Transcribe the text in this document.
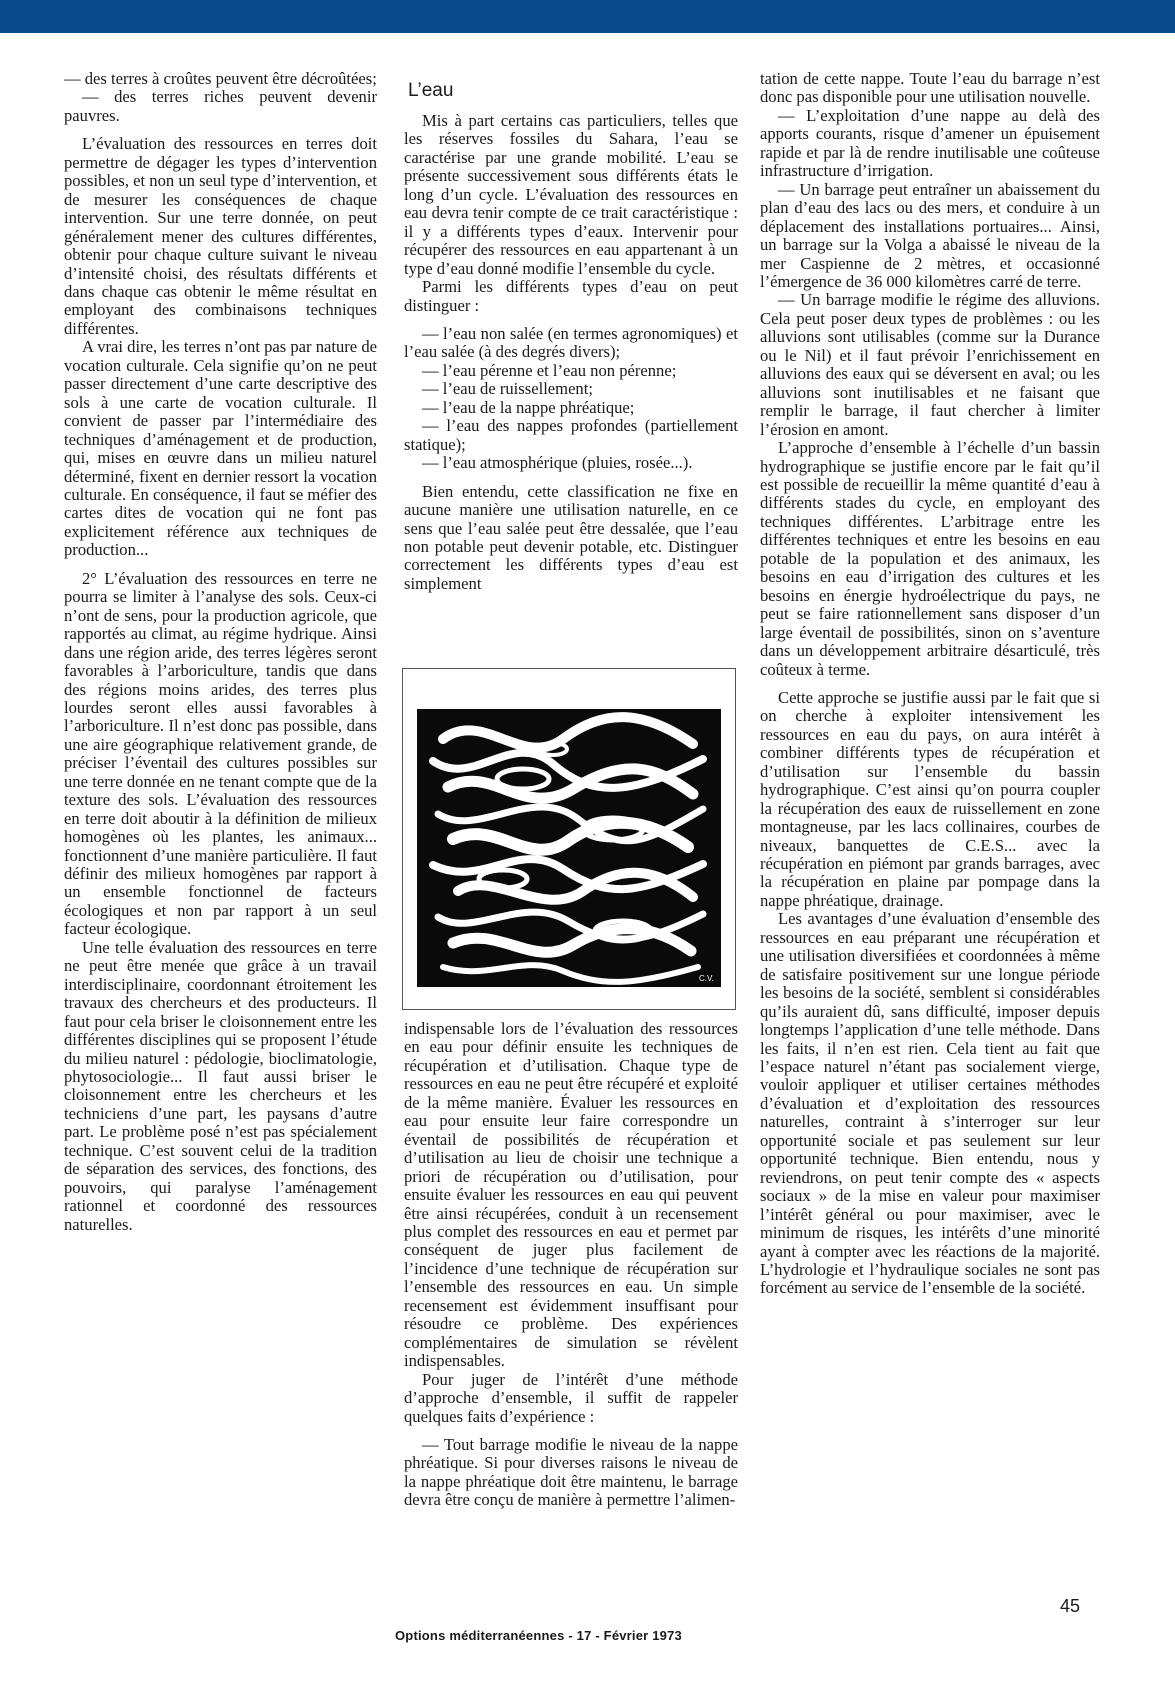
— des terres à croûtes peuvent être décroûtées;

— des terres riches peuvent devenir pauvres.

L’évaluation des ressources en terres doit permettre de dégager les types d’intervention possibles, et non un seul type d’intervention, et de mesurer les conséquences de chaque intervention. Sur une terre donnée, on peut généralement mener des cultures différentes, obtenir pour chaque culture suivant le niveau d’intensité choisi, des résultats différents et dans chaque cas obtenir le même résultat en employant des combinaisons techniques différentes.

A vrai dire, les terres n’ont pas par nature de vocation culturale. Cela signifie qu’on ne peut passer directement d’une carte descriptive des sols à une carte de vocation culturale. Il convient de passer par l’intermédiaire des techniques d’aménagement et de production, qui, mises en œuvre dans un milieu naturel déterminé, fixent en dernier ressort la vocation culturale. En conséquence, il faut se méfier des cartes dites de vocation qui ne font pas explicitement référence aux techniques de production...

2° L’évaluation des ressources en terre ne pourra se limiter à l’analyse des sols. Ceux-ci n’ont de sens, pour la production agricole, que rapportés au climat, au régime hydrique. Ainsi dans une région aride, des terres légères seront favorables à l’arboriculture, tandis que dans des régions moins arides, des terres plus lourdes seront elles aussi favorables à l’arboriculture. Il n’est donc pas possible, dans une aire géographique relativement grande, de préciser l’éventail des cultures possibles sur une terre donnée en ne tenant compte que de la texture des sols. L’évaluation des ressources en terre doit aboutir à la définition de milieux homogènes où les plantes, les animaux... fonctionnent d’une manière particulière. Il faut définir des milieux homogènes par rapport à un ensemble fonctionnel de facteurs écologiques et non par rapport à un seul facteur écologique.

Une telle évaluation des ressources en terre ne peut être menée que grâce à un travail interdisciplinaire, coordonnant étroitement les travaux des chercheurs et des producteurs. Il faut pour cela briser le cloisonnement entre les différentes disciplines qui se proposent l’étude du milieu naturel : pédologie, bioclimatologie, phytosociologie... Il faut aussi briser le cloisonnement entre les chercheurs et les techniciens d’une part, les paysans d’autre part. Le problème posé n’est pas spécialement technique. C’est souvent celui de la tradition de séparation des services, des fonctions, des pouvoirs, qui paralyse l’aménagement rationnel et coordonné des ressources naturelles.

L’eau

Mis à part certains cas particuliers, telles que les réserves fossiles du Sahara, l’eau se caractérise par une grande mobilité. L’eau se présente successivement sous différents états le long d’un cycle. L’évaluation des ressources en eau devra tenir compte de ce trait caractéristique : il y a différents types d’eaux. Intervenir pour récupérer des ressources en eau appartenant à un type d’eau donné modifie l’ensemble du cycle.

Parmi les différents types d’eau on peut distinguer :

— l’eau non salée (en termes agronomiques) et l’eau salée (à des degrés divers);

— l’eau pérenne et l’eau non pérenne;

— l’eau de ruissellement;

— l’eau de la nappe phréatique;

— l’eau des nappes profondes (partiellement statique);

— l’eau atmosphérique (pluies, rosée...).

Bien entendu, cette classification ne fixe en aucune manière une utilisation naturelle, en ce sens que l’eau salée peut être dessalée, que l’eau non potable peut devenir potable, etc. Distinguer correctement les différents types d’eau est simplement

C.V.

indispensable lors de l’évaluation des ressources en eau pour définir ensuite les techniques de récupération et d’utilisation. Chaque type de ressources en eau ne peut être récupéré et exploité de la même manière. Évaluer les ressources en eau pour ensuite leur faire correspondre un éventail de possibilités de récupération et d’utilisation au lieu de choisir une technique a priori de récupération ou d’utilisation, pour ensuite évaluer les ressources en eau qui peuvent être ainsi récupérées, conduit à un recensement plus complet des ressources en eau et permet par conséquent de juger plus facilement de l’incidence d’une technique de récupération sur l’ensemble des ressources en eau. Un simple recensement est évidemment insuffisant pour résoudre ce problème. Des expériences complémentaires de simulation se révèlent indispensables.

Pour juger de l’intérêt d’une méthode d’approche d’ensemble, il suffit de rappeler quelques faits d’expérience :

— Tout barrage modifie le niveau de la nappe phréatique. Si pour diverses raisons le niveau de la nappe phréatique doit être maintenu, le barrage devra être conçu de manière à permettre l’alimen-

tation de cette nappe. Toute l’eau du barrage n’est donc pas disponible pour une utilisation nouvelle.

— L’exploitation d’une nappe au delà des apports courants, risque d’amener un épuisement rapide et par là de rendre inutilisable une coûteuse infrastructure d’irrigation.

— Un barrage peut entraîner un abaissement du plan d’eau des lacs ou des mers, et conduire à un déplacement des installations portuaires... Ainsi, un barrage sur la Volga a abaissé le niveau de la mer Caspienne de 2 mètres, et occasionné l’émergence de 36 000 kilomètres carré de terre.

— Un barrage modifie le régime des alluvions. Cela peut poser deux types de problèmes : ou les alluvions sont utilisables (comme sur la Durance ou le Nil) et il faut prévoir l’enrichissement en alluvions des eaux qui se déversent en aval; ou les alluvions sont inutilisables et ne faisant que remplir le barrage, il faut chercher à limiter l’érosion en amont.

L’approche d’ensemble à l’échelle d’un bassin hydrographique se justifie encore par le fait qu’il est possible de recueillir la même quantité d’eau à différents stades du cycle, en employant des techniques différentes. L’arbitrage entre les différentes techniques et entre les besoins en eau potable de la population et des animaux, les besoins en eau d’irrigation des cultures et les besoins en énergie hydroélectrique du pays, ne peut se faire rationnellement sans disposer d’un large éventail de possibilités, sinon on s’aventure dans un développement arbitraire désarticulé, très coûteux à terme.

Cette approche se justifie aussi par le fait que si on cherche à exploiter intensivement les ressources en eau du pays, on aura intérêt à combiner différents types de récupération et d’utilisation sur l’ensemble du bassin hydrographique. C’est ainsi qu’on pourra coupler la récupération des eaux de ruissellement en zone montagneuse, par les lacs collinaires, courbes de niveaux, banquettes de C.E.S... avec la récupération en piémont par grands barrages, avec la récupération en plaine par pompage dans la nappe phréatique, drainage.

Les avantages d’une évaluation d’ensemble des ressources en eau préparant une récupération et une utilisation diversifiées et coordonnées à même de satisfaire positivement sur une longue période les besoins de la société, semblent si considérables qu’ils auraient dû, sans difficulté, imposer depuis longtemps l’application d’une telle méthode. Dans les faits, il n’en est rien. Cela tient au fait que l’espace naturel n’étant pas socialement vierge, vouloir appliquer et utiliser certaines méthodes d’évaluation et d’exploitation des ressources naturelles, contraint à s’interroger sur leur opportunité sociale et pas seulement sur leur opportunité technique. Bien entendu, nous y reviendrons, on peut tenir compte des « aspects sociaux » de la mise en valeur pour maximiser l’intérêt général ou pour maximiser, avec le minimum de risques, les intérêts d’une minorité ayant à compter avec les réactions de la majorité. L’hydrologie et l’hydraulique sociales ne sont pas forcément au service de l’ensemble de la société.

45
Options méditerranéennes - 17 - Février 1973
